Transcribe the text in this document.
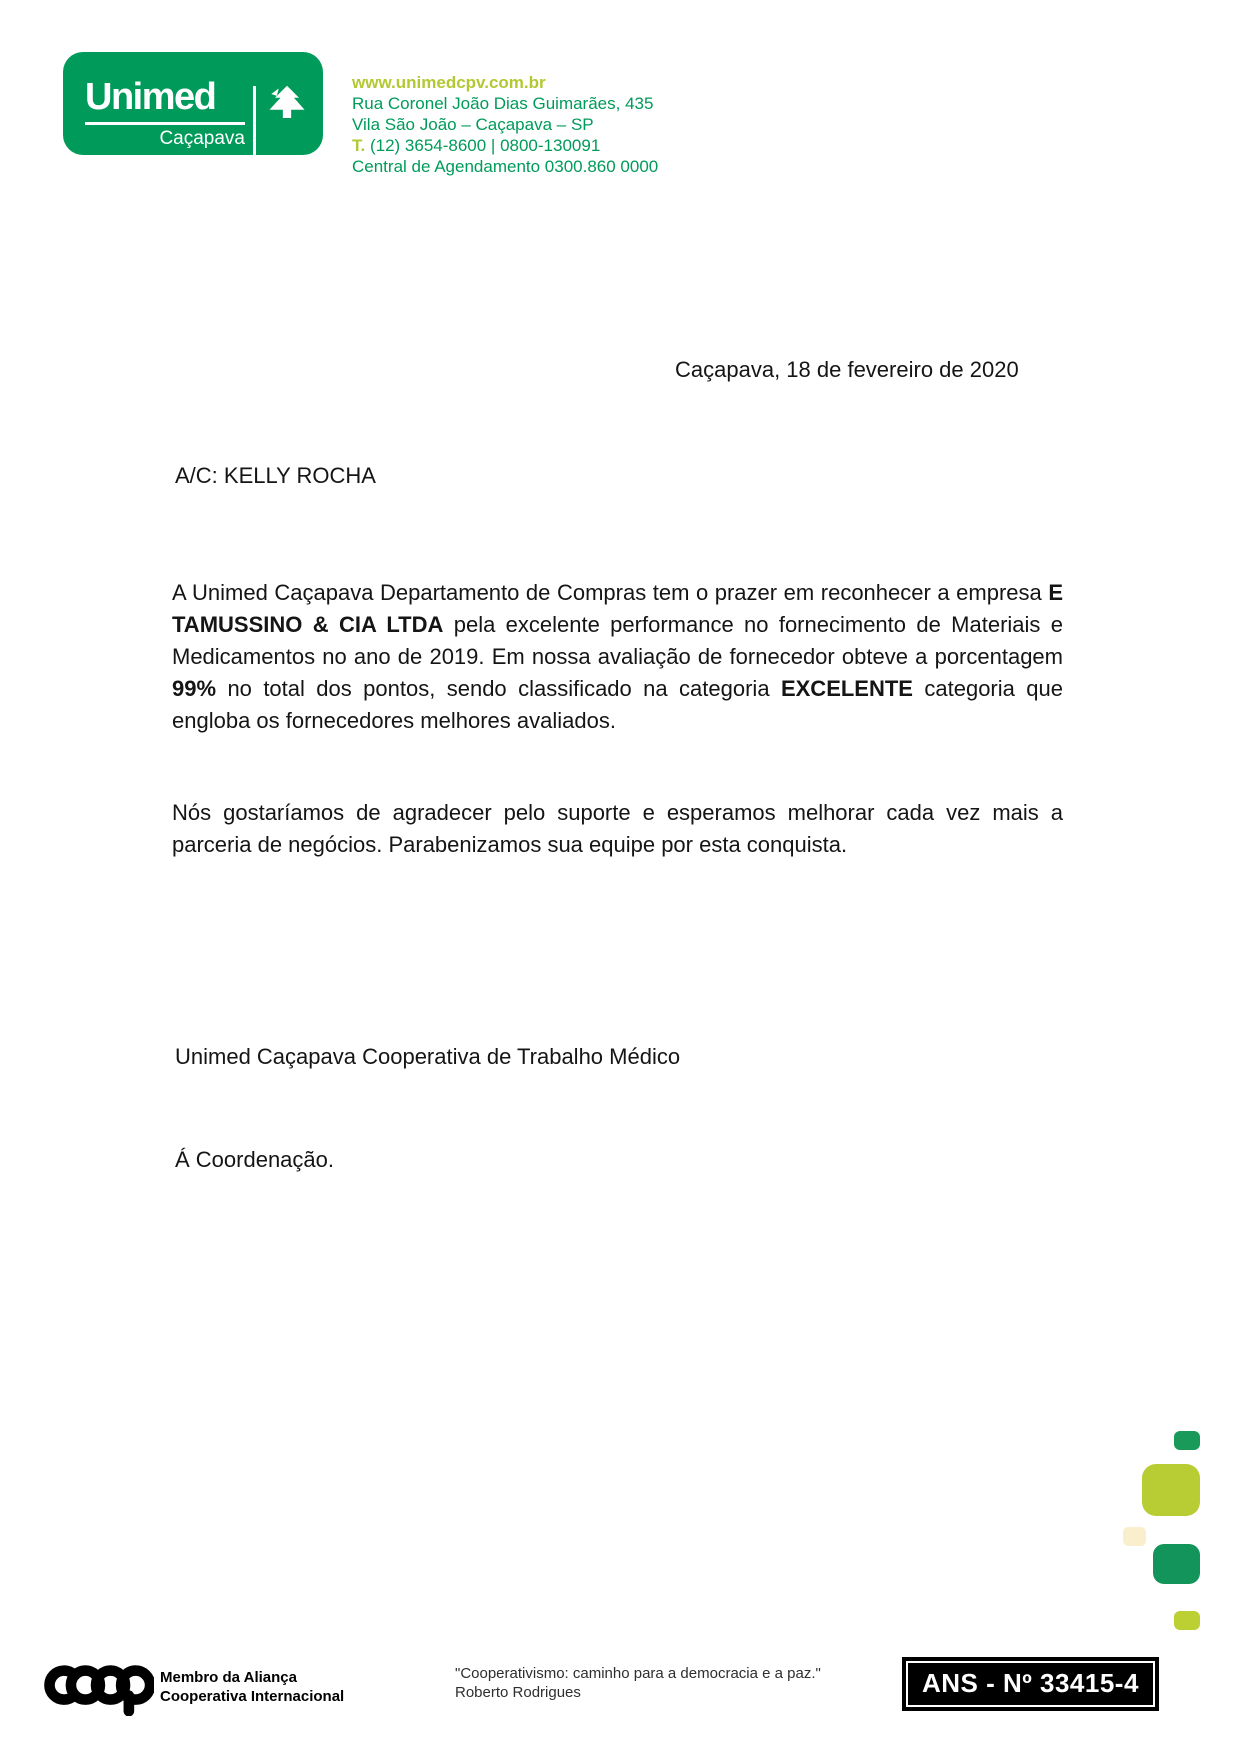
Unimed
Caçapava
www.unimedcpv.com.br
Rua Coronel João Dias Guimarães, 435
Vila São João – Caçapava – SP
T. (12) 3654-8600 | 0800-130091
Central de Agendamento 0300.860 0000
Caçapava, 18 de fevereiro de 2020
A/C: KELLY ROCHA
A Unimed Caçapava Departamento de Compras tem o prazer em reconhecer a empresa E TAMUSSINO & CIA LTDA pela excelente performance no fornecimento de Materiais e Medicamentos no ano de 2019. Em nossa avaliação de fornecedor obteve a porcentagem 99% no total dos pontos, sendo classificado na categoria EXCELENTE categoria que engloba os fornecedores melhores avaliados.
Nós gostaríamos de agradecer pelo suporte e esperamos melhorar cada vez mais a parceria de negócios. Parabenizamos sua equipe por esta conquista.
Unimed Caçapava Cooperativa de Trabalho Médico
Á Coordenação.
Membro da Aliança
Cooperativa Internacional
"Cooperativismo: caminho para a democracia e a paz."
Roberto Rodrigues	ANS - Nº 33415-4
